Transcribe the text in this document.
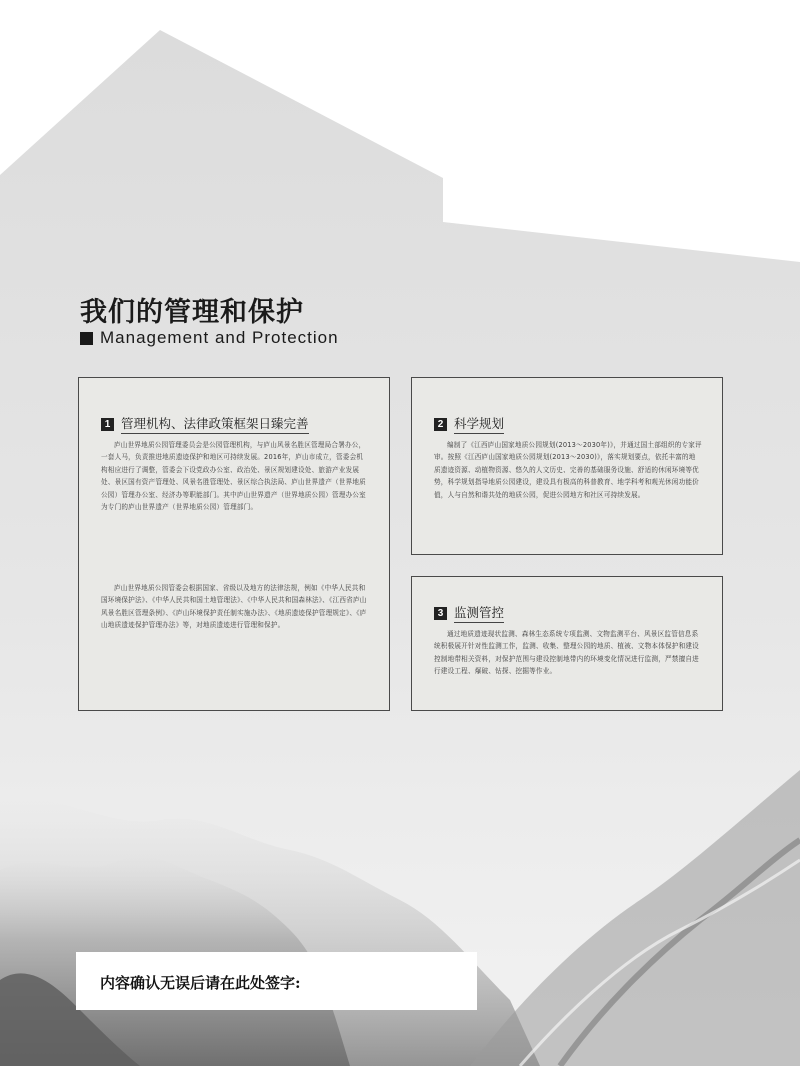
我们的管理和保护
Management and Protection
1 管理机构、法律政策框架日臻完善

庐山世界地质公园管理委员会是公园管理机构，与庐山风景名胜区管理局合署办公，一套人马，负责推进地质遗迹保护和地区可持续发展。2016年，庐山市成立，管委会机构相应进行了调整，管委会下设党政办公室、政治处、景区规划建设处、旅游产业发展处、景区国有资产管理处、风景名胜管理处、景区综合执法局、庐山世界遗产（世界地质公园）管理办公室、经济办等职能部门。其中庐山世界遗产（世界地质公园）管理办公室为专门的庐山世界遗产（世界地质公园）管理部门。

庐山世界地质公园管委会根据国家、省级以及地方的法律法规，例如《中华人民共和国环境保护法》、《中华人民共和国土地管理法》、《中华人民共和国森林法》、《江西省庐山风景名胜区管理条例》、《庐山环境保护责任制实施办法》、《地质遗迹保护管理规定》、《庐山地质遗迹保护管理办法》等，对地质遗迹进行管理和保护。

2 科学规划

编制了《江西庐山国家地质公园规划(2013～2030年)》，并通过国土部组织的专家评审。按照《江西庐山国家地质公园规划(2013～2030)》，落实规划要点，依托丰富的地质遗迹资源、动植物资源、悠久的人文历史、完善的基础服务设施、舒适的休闲环境等优势，科学规划指导地质公园建设，建设具有极高的科普教育、地学科考和观光休闲功能价值，人与自然和谐共处的地质公园，促进公园地方和社区可持续发展。

3 监测管控

通过地质遗迹现状监测、森林生态系统专项监测、文物监测平台、风景区监管信息系统积极展开针对性监测工作，监测、收集、整理公园的地质、植被、文物本体保护和建设控制地带相关资料，对保护范围与建设控制地带内的环境变化情况进行监测，严禁擅自进行建设工程、爆破、钻探、挖掘等作业。

内容确认无误后请在此处签字:
